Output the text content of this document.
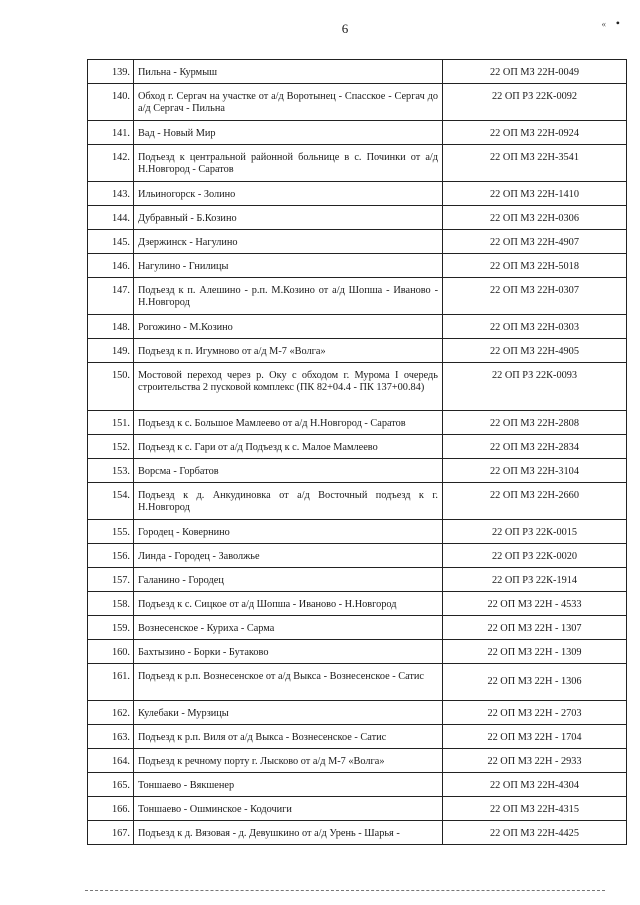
6	« •
139.	Пильна - Курмыш	22 ОП МЗ 22Н-0049
140.	Обход г. Сергач на участке от а/д Воротынец - Спасское - Сергач до а/д Сергач - Пильна	22 ОП РЗ 22К-0092
141.	Вад - Новый Мир	22 ОП МЗ 22Н-0924
142.	Подъезд к центральной районной больнице в с. Починки от а/д Н.Новгород - Саратов	22 ОП МЗ 22Н-3541
143.	Ильиногорск - Золино	22 ОП МЗ 22Н-1410
144.	Дубравный - Б.Козино	22 ОП МЗ 22Н-0306
145.	Дзержинск - Нагулино	22 ОП МЗ 22Н-4907
146.	Нагулино - Гнилицы	22 ОП МЗ 22Н-5018
147.	Подъезд к п. Алешино - р.п. М.Козино от а/д Шопша - Иваново - Н.Новгород	22 ОП МЗ 22Н-0307
148.	Рогожино - М.Козино	22 ОП МЗ 22Н-0303
149.	Подъезд к п. Игумново от а/д М-7 «Волга»	22 ОП МЗ 22Н-4905
150.	Мостовой переход через р. Оку с обходом г. Мурома I очередь строительства 2 пусковой комплекс (ПК 82+04.4 - ПК 137+00.84)	22 ОП РЗ 22К-0093
151.	Подъезд к с. Большое Мамлеево от а/д Н.Новгород - Саратов	22 ОП МЗ 22Н-2808
152.	Подъезд к с. Гари от а/д Подъезд к с. Малое Мамлеево	22 ОП МЗ 22Н-2834
153.	Ворсма - Горбатов	22 ОП МЗ 22Н-3104
154.	Подъезд к д. Анкудиновка от а/д Восточный подъезд к г. Н.Новгород	22 ОП МЗ 22Н-2660
155.	Городец - Ковернино	22 ОП РЗ 22К-0015
156.	Линда - Городец - Заволжье	22 ОП РЗ 22К-0020
157.	Галанино - Городец	22 ОП РЗ 22К-1914
158.	Подъезд к с. Сицкое от а/д Шопша - Иваново - Н.Новгород	22 ОП МЗ 22Н - 4533
159.	Вознесенское - Курихa - Сарма	22 ОП МЗ 22Н - 1307
160.	Бахтызино - Борки - Бутаково	22 ОП МЗ 22Н - 1309
161.	Подъезд к р.п. Вознесенское от а/д Выкса - Вознесенское - Сатис	22 ОП МЗ 22Н - 1306
162.	Кулебаки - Мурзицы	22 ОП МЗ 22Н - 2703
163.	Подъезд к р.п. Виля от а/д Выкса - Вознесенское - Сатис	22 ОП МЗ 22Н - 1704
164.	Подъезд к речному порту г. Лысково от а/д М-7 «Волга»	22 ОП МЗ 22Н - 2933
165.	Тоншаево - Вякшенер	22 ОП МЗ 22Н-4304
166.	Тоншаево - Ошминское - Кодочиги	22 ОП МЗ 22Н-4315
167.	Подъезд к д. Вязовая - д. Девушкино от а/д Урень - Шарья -	22 ОП МЗ 22Н-4425
